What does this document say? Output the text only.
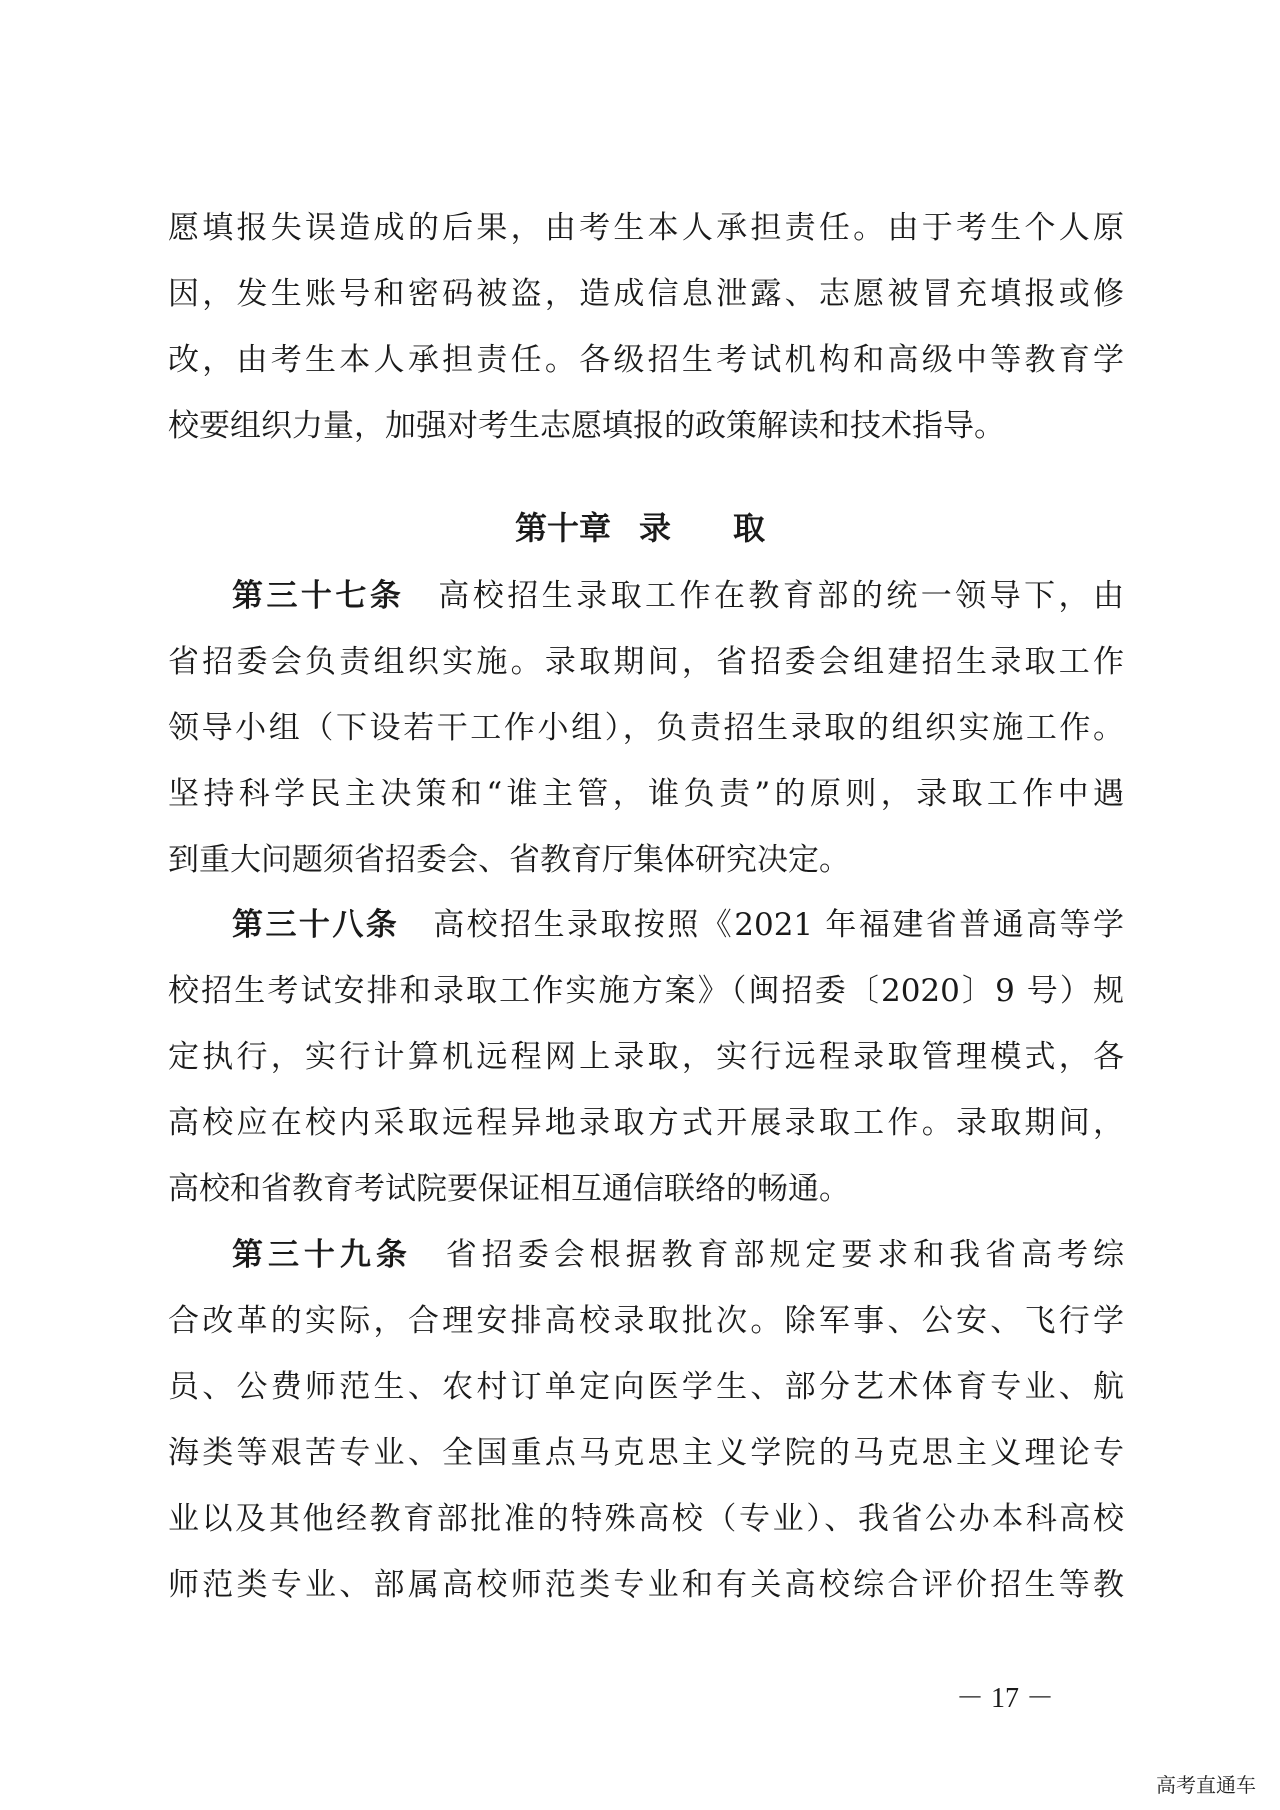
愿填报失误造成的后果，由考生本人承担责任。由于考生个人原
因，发生账号和密码被盗，造成信息泄露、志愿被冒充填报或修
改，由考生本人承担责任。各级招生考试机构和高级中等教育学
校要组织力量，加强对考生志愿填报的政策解读和技术指导。
第十章 录 取
第三十七条 高校招生录取工作在教育部的统一领导下，由
省招委会负责组织实施。录取期间，省招委会组建招生录取工作
领导小组（下设若干工作小组），负责招生录取的组织实施工作。
坚持科学民主决策和“谁主管，谁负责”的原则，录取工作中遇
到重大问题须省招委会、省教育厅集体研究决定。
第三十八条 高校招生录取按照《2021 年福建省普通高等学
校招生考试安排和录取工作实施方案》（闽招委〔2020〕9 号）规
定执行，实行计算机远程网上录取，实行远程录取管理模式，各
高校应在校内采取远程异地录取方式开展录取工作。录取期间，
高校和省教育考试院要保证相互通信联络的畅通。
第三十九条 省招委会根据教育部规定要求和我省高考综
合改革的实际，合理安排高校录取批次。除军事、公安、飞行学
员、公费师范生、农村订单定向医学生、部分艺术体育专业、航
海类等艰苦专业、全国重点马克思主义学院的马克思主义理论专
业以及其他经教育部批准的特殊高校（专业）、我省公办本科高校
师范类专业、部属高校师范类专业和有关高校综合评价招生等教
－ 17 －
高考直通车
